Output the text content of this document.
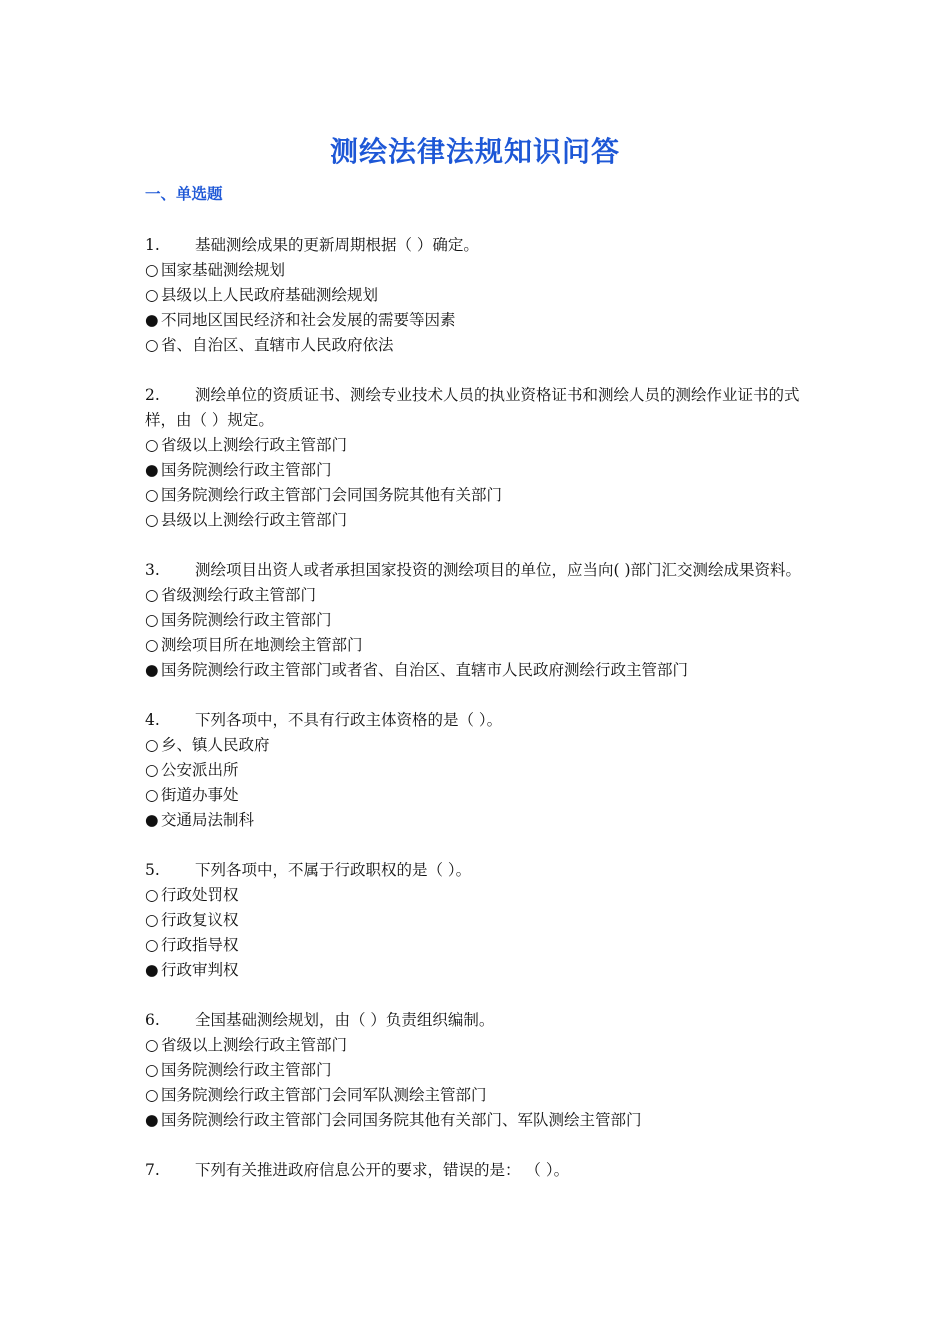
测绘法律法规知识问答
一、单选题
1. 基础测绘成果的更新周期根据（ ）确定。
○ 国家基础测绘规划
○ 县级以上人民政府基础测绘规划
● 不同地区国民经济和社会发展的需要等因素
○ 省、自治区、直辖市人民政府依法
2. 测绘单位的资质证书、测绘专业技术人员的执业资格证书和测绘人员的测绘作业证书的式样，由（ ）规定。
○ 省级以上测绘行政主管部门
● 国务院测绘行政主管部门
○ 国务院测绘行政主管部门会同国务院其他有关部门
○ 县级以上测绘行政主管部门
3. 测绘项目出资人或者承担国家投资的测绘项目的单位，应当向( )部门汇交测绘成果资料。
○ 省级测绘行政主管部门
○ 国务院测绘行政主管部门
○ 测绘项目所在地测绘主管部门
● 国务院测绘行政主管部门或者省、自治区、直辖市人民政府测绘行政主管部门
4. 下列各项中，不具有行政主体资格的是（ ）。
○ 乡、镇人民政府
○ 公安派出所
○ 街道办事处
● 交通局法制科
5. 下列各项中，不属于行政职权的是（ ）。
○ 行政处罚权
○ 行政复议权
○ 行政指导权
● 行政审判权
6. 全国基础测绘规划，由（ ）负责组织编制。
○ 省级以上测绘行政主管部门
○ 国务院测绘行政主管部门
○ 国务院测绘行政主管部门会同军队测绘主管部门
● 国务院测绘行政主管部门会同国务院其他有关部门、军队测绘主管部门
7. 下列有关推进政府信息公开的要求，错误的是： （ ）。
